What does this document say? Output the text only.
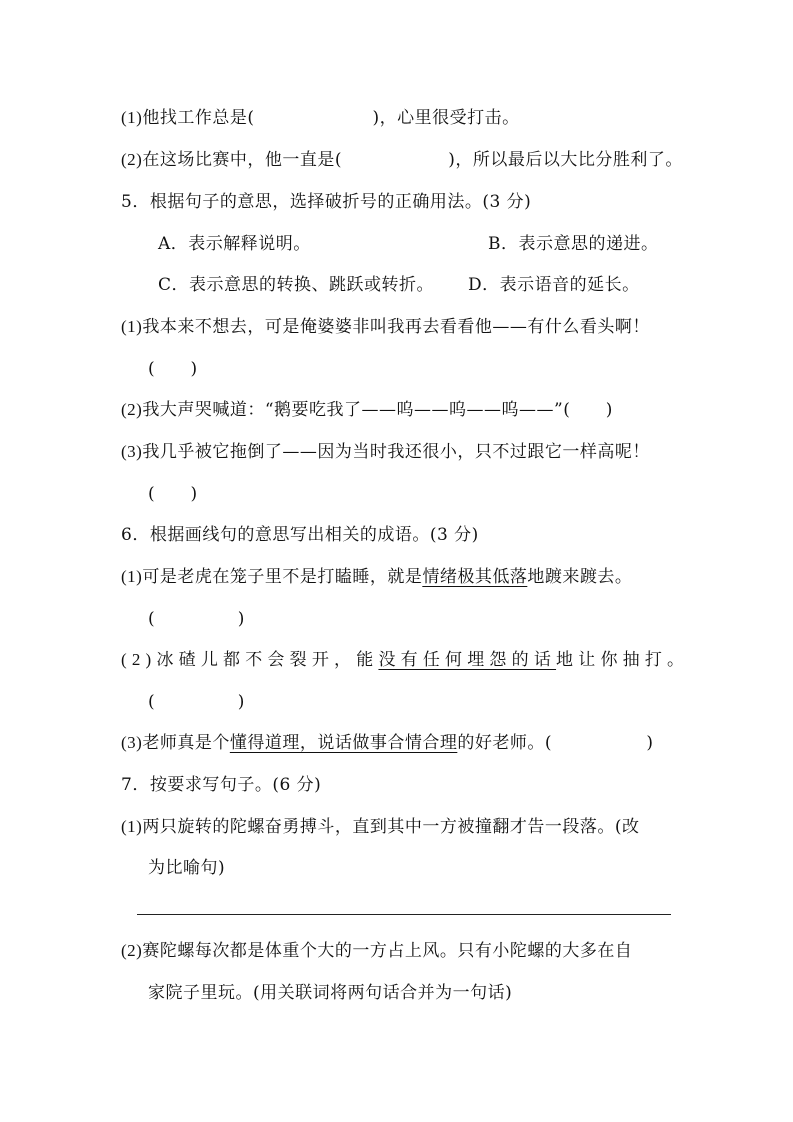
(1)他找工作总是(	)，心里很受打击。
(2)在这场比赛中，他一直是(	)，所以最后以大比分胜利了。
5．根据句子的意思，选择破折号的正确用法。(3 分)
A．表示解释说明。	B．表示意思的递进。
C．表示意思的转换、跳跃或转折。 D．表示语音的延长。
(1)我本来不想去，可是俺婆婆非叫我再去看看他——有什么看头啊！
(      )
(2)我大声哭喊道：“鹅要吃我了——呜——呜——呜——”(      )
(3)我几乎被它拖倒了——因为当时我还很小，只不过跟它一样高呢！
(      )
6．根据画线句的意思写出相关的成语。(3 分)
(1)可是老虎在笼子里不是打瞌睡，就是情绪极其低落地踱来踱去。
(              )
(2)冰碴儿都不会裂开，能没有任何埋怨的话地让你抽打。
(              )
(3)老师真是个懂得道理，说话做事合情合理的好老师。(                )
7．按要求写句子。(6 分)
(1)两只旋转的陀螺奋勇搏斗，直到其中一方被撞翻才告一段落。(改
为比喻句)
(2)赛陀螺每次都是体重个大的一方占上风。只有小陀螺的大多在自
家院子里玩。(用关联词将两句话合并为一句话)
